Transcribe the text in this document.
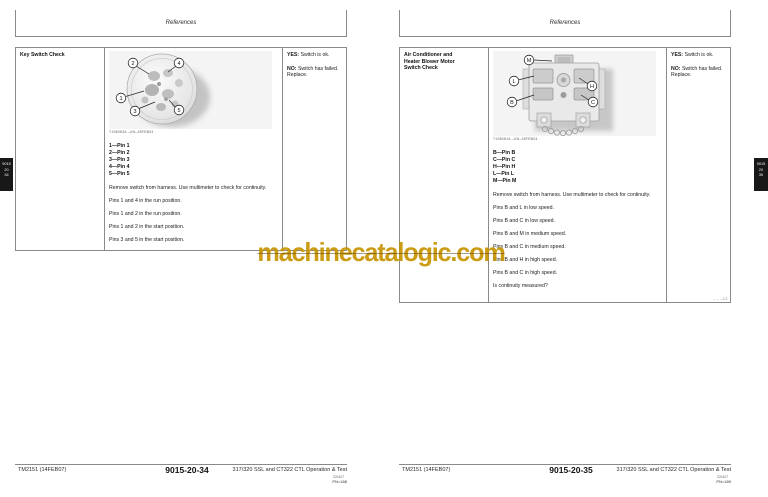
References
Key Switch Check
2	4
1
3	5
T198083A –UN–28FEB04
1—Pin 1
2—Pin 2
3—Pin 3
4—Pin 4
5—Pin 5
Remove switch from harness. Use multimeter to check for continuity.
Pins 1 and 4 in the run position.
Pins 1 and 2 in the run position.
Pins 1 and 2 in the start position.
Pins 3 and 5 in the start position.
YES: Switch is ok.
NO: Switch has failed. Replace.
TM2151 (14FEB07)	9015-20-34	317/320 SSL and CT322 CTL Operation & Test
021407
PN=188
References
Air Conditioner and Heater Blower Motor Switch Check
M
L
B
H
C
T198081A –UN–28FEB04
B—Pin B
C—Pin C
H—Pin H
L—Pin L
M—Pin M
Remove switch from harness. Use multimeter to check for continuity.
Pins B and L in low speed.
Pins B and C in low speed.
Pins B and M in medium speed.
Pins B and C in medium speed.
Pins B and H in high speed.
Pins B and C in high speed.
Is continuity measured?
YES: Switch is ok.
NO: Switch has failed. Replace.
– – –1/1
TM2151 (14FEB07)	9015-20-35	317/320 SSL and CT322 CTL Operation & Test
021407
PN=189
9015
20
34
9015
20
35
machinecatalogic.com
